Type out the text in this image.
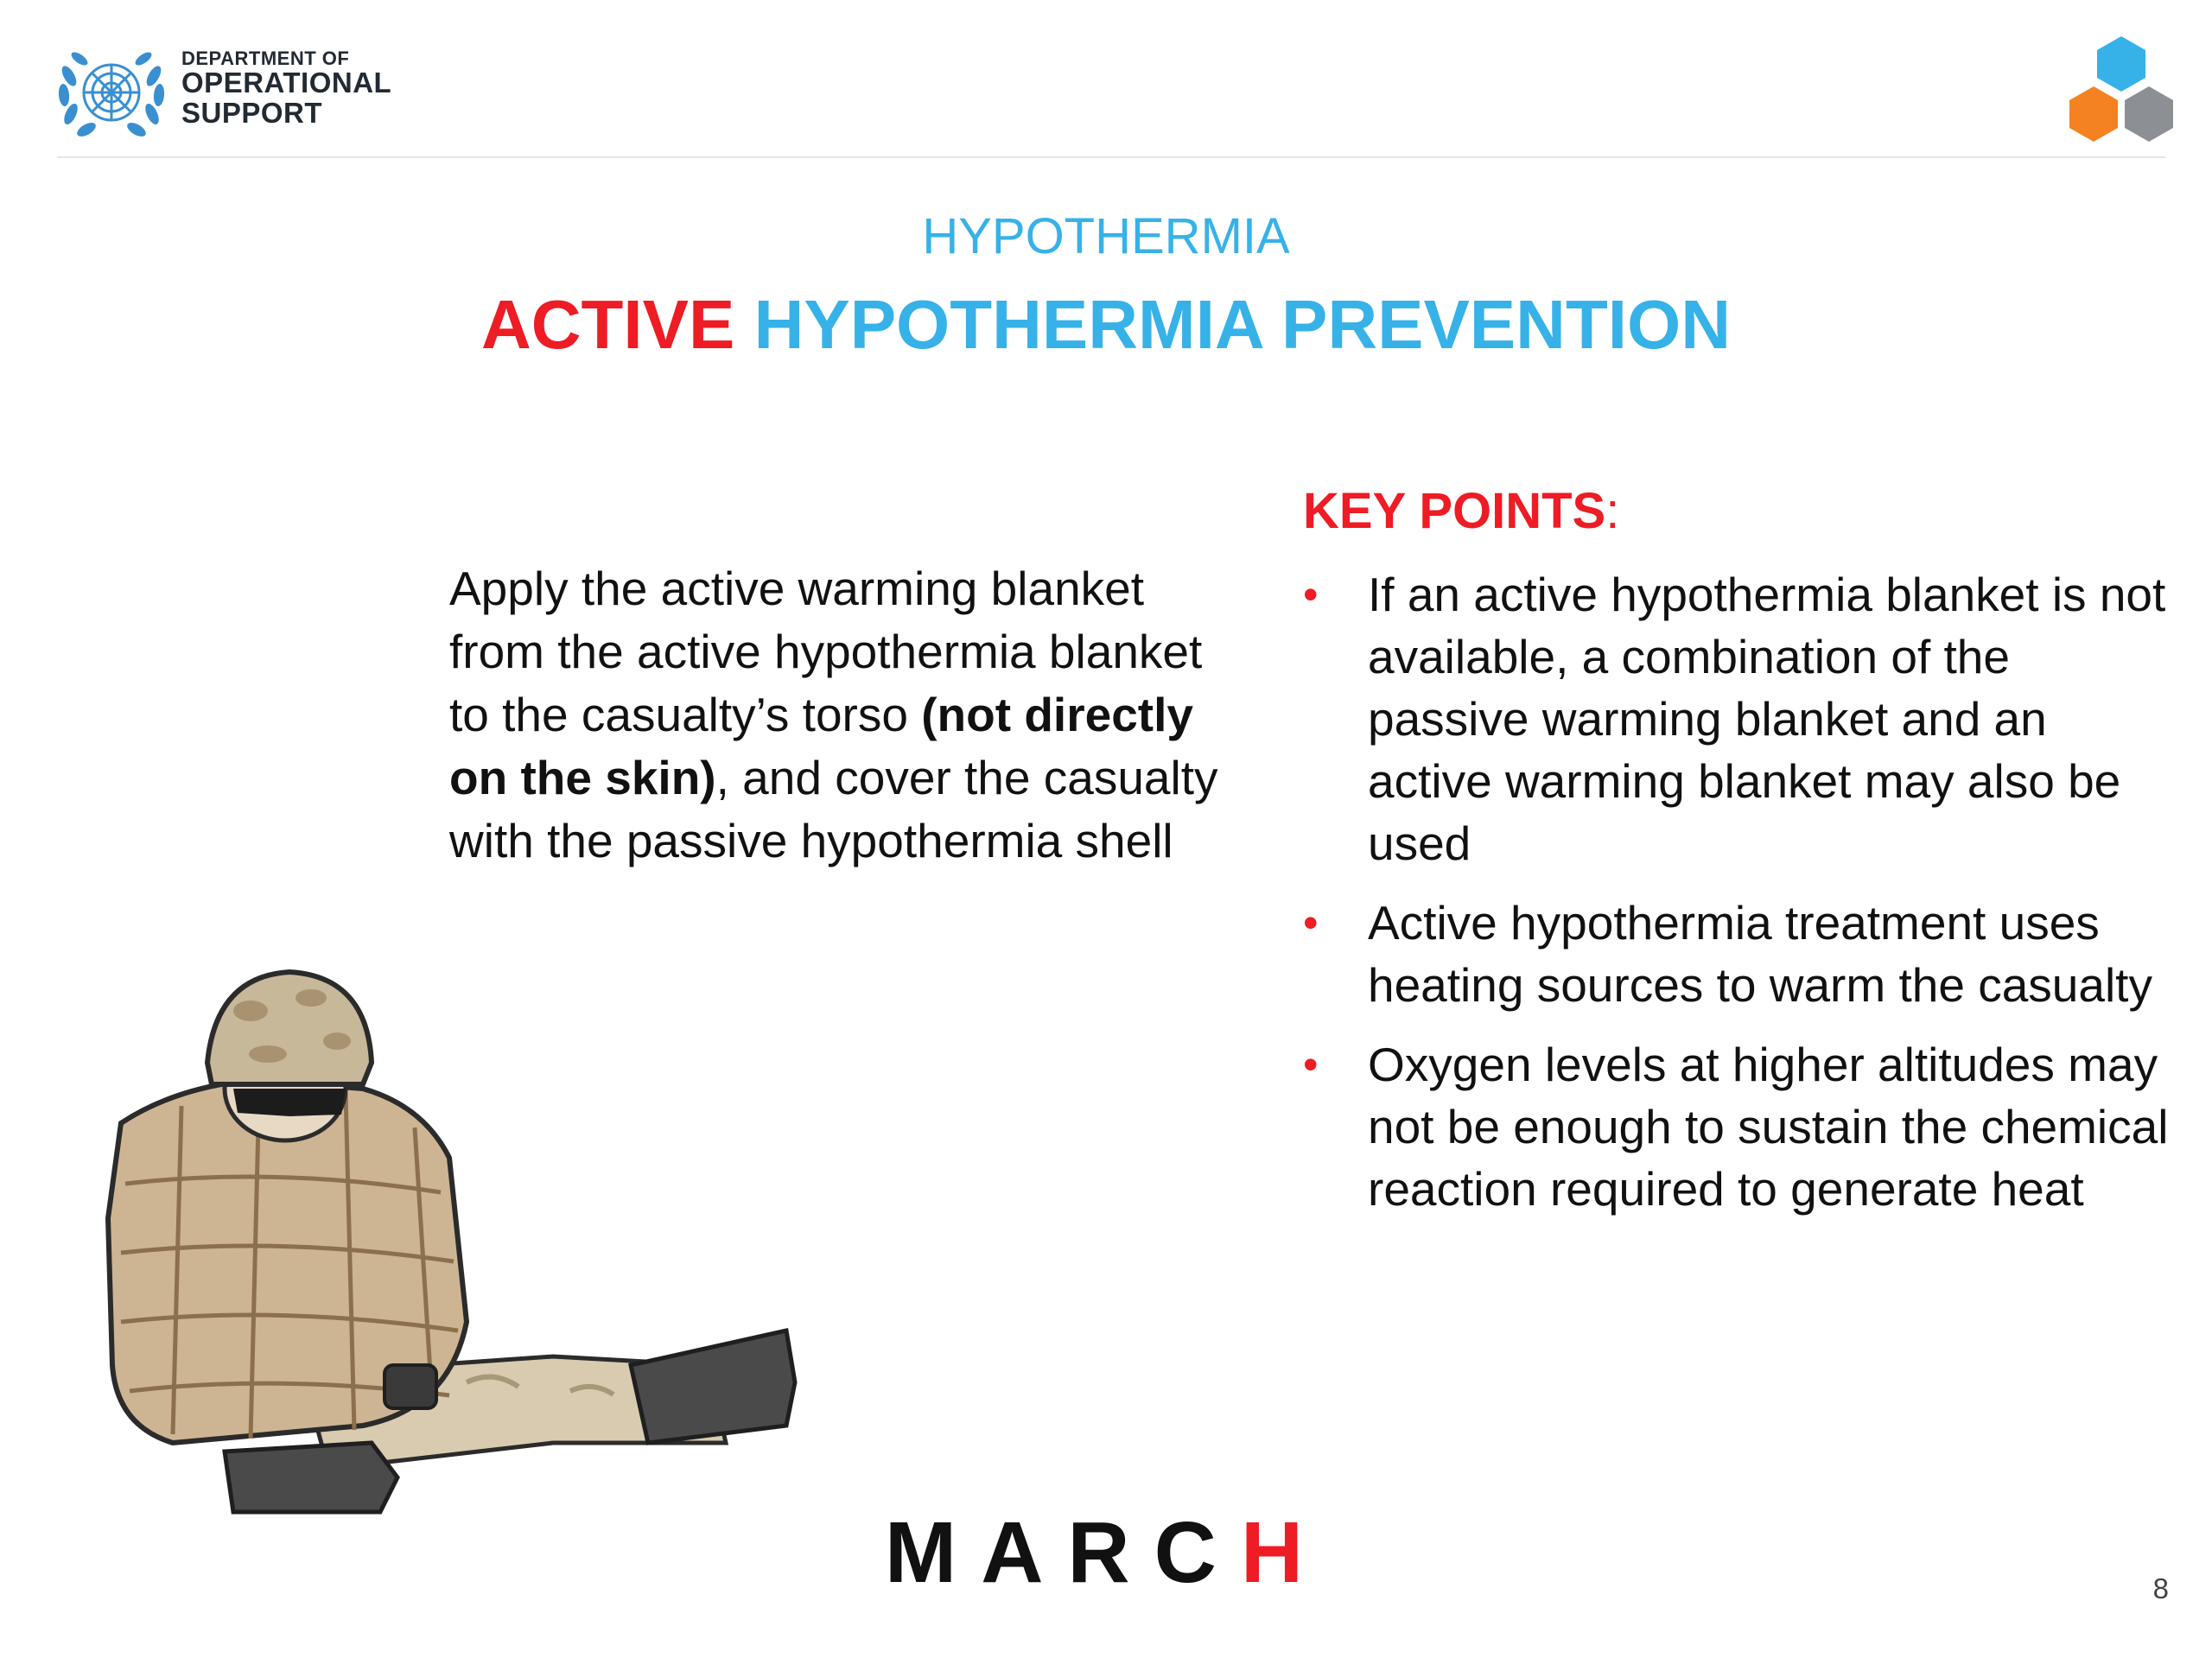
DEPARTMENT OF
OPERATIONAL
SUPPORT
HYPOTHERMIA
ACTIVE HYPOTHERMIA PREVENTION
Apply the active warming blanket from the active hypothermia blanket to the casualty’s torso (not directly on the skin), and cover the casualty with the passive hypothermia shell
KEY POINTS:
• If an active hypothermia blanket is not available, a combination of the passive warming blanket and an active warming blanket may also be used
• Active hypothermia treatment uses heating sources to warm the casualty
• Oxygen levels at higher altitudes may not be enough to sustain the chemical reaction required to generate heat
MARCH	8
